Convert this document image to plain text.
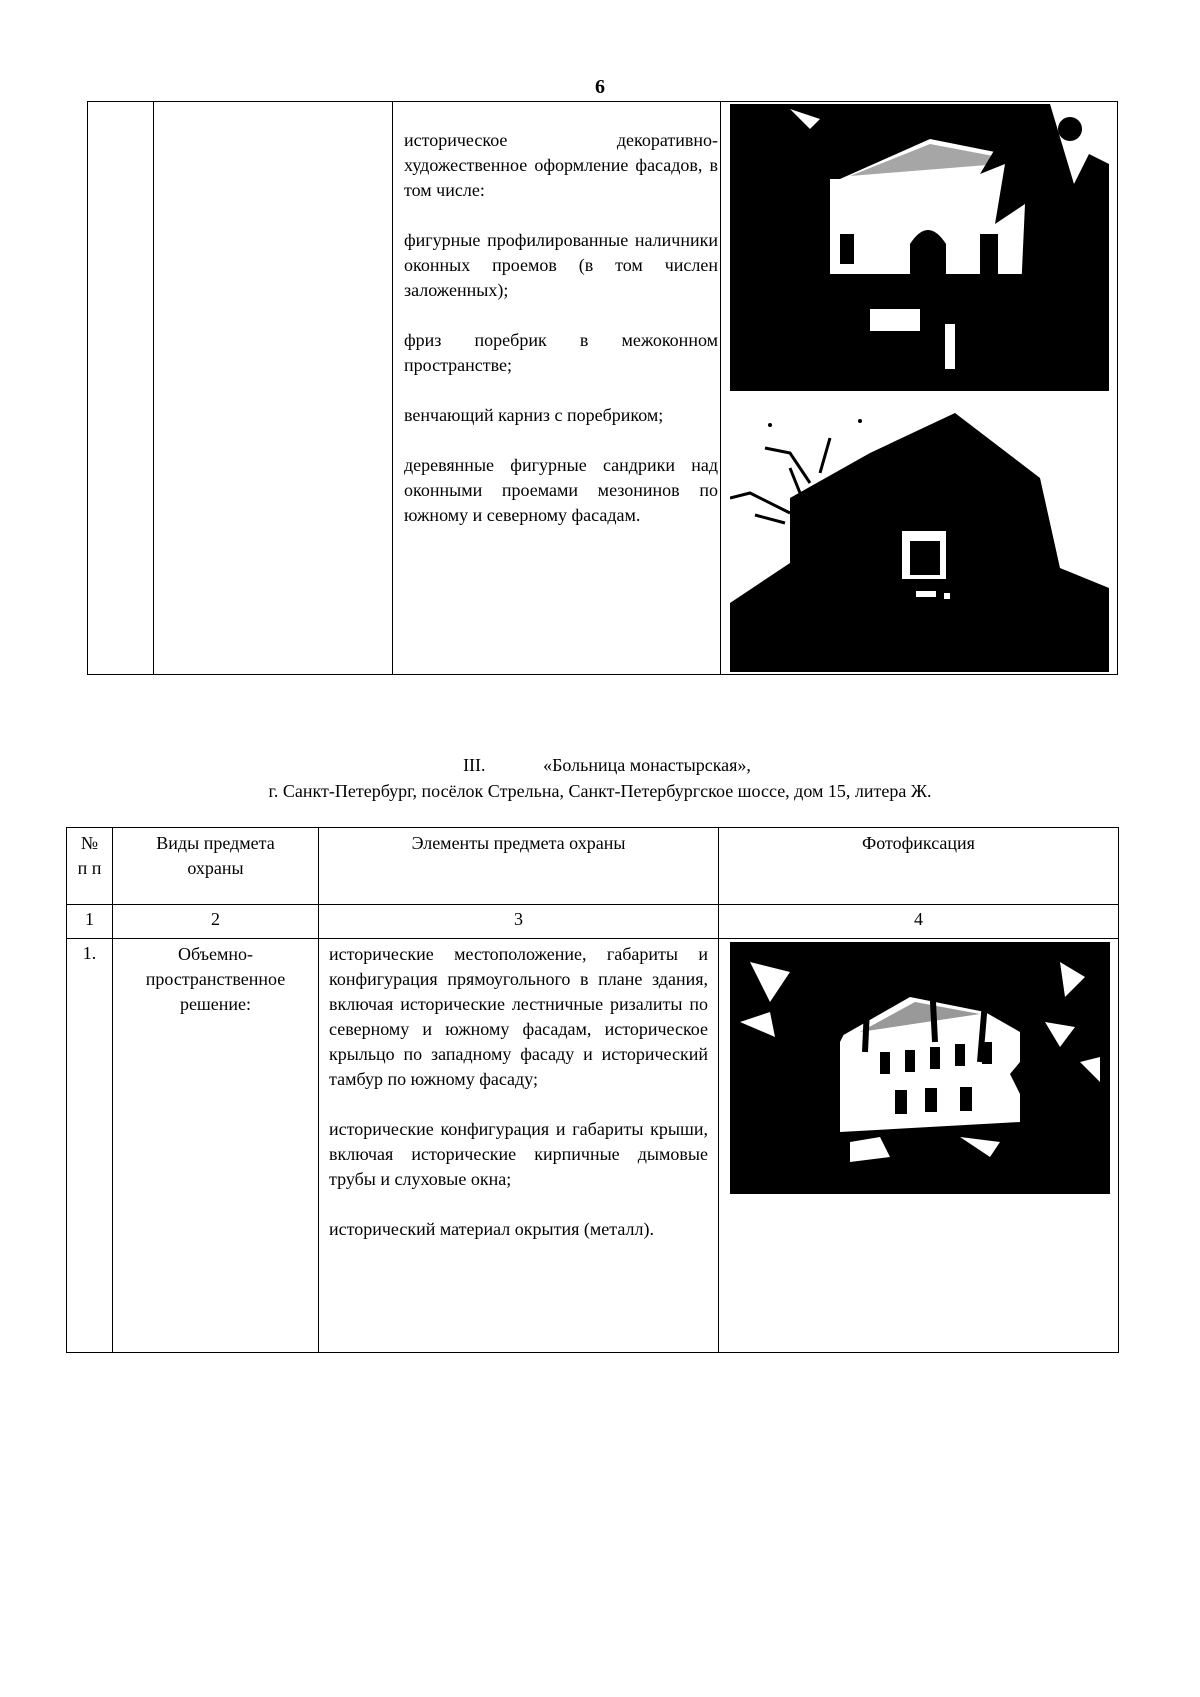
6

историческое декоративно-художественное оформление фасадов, в том числе:

фигурные профилированные наличники оконных проемов (в том числен заложенных);

фриз поребрик в межоконном пространстве;

венчающий карниз с поребриком;

деревянные фигурные сандрики над оконными проемами мезонинов по южному и северному фасадам.

III.	«Больница монастырская»,
г. Санкт-Петербург, посёлок Стрельна, Санкт-Петербургское шоссе, дом 15, литера Ж.
№ п п	Виды предмета охраны	Элементы предмета охраны	Фотофиксация
1	2	3	4
1.	Объемно-пространственное решение:	исторические местоположение, габариты и конфигурация прямоугольного в плане здания, включая исторические лестничные ризалиты по северному и южному фасадам, историческое крыльцо по западному фасаду и исторический тамбур по южному фасаду;

исторические конфигурация и габариты крыши, включая исторические кирпичные дымовые трубы и слуховые окна;

исторический материал окрытия (металл).
